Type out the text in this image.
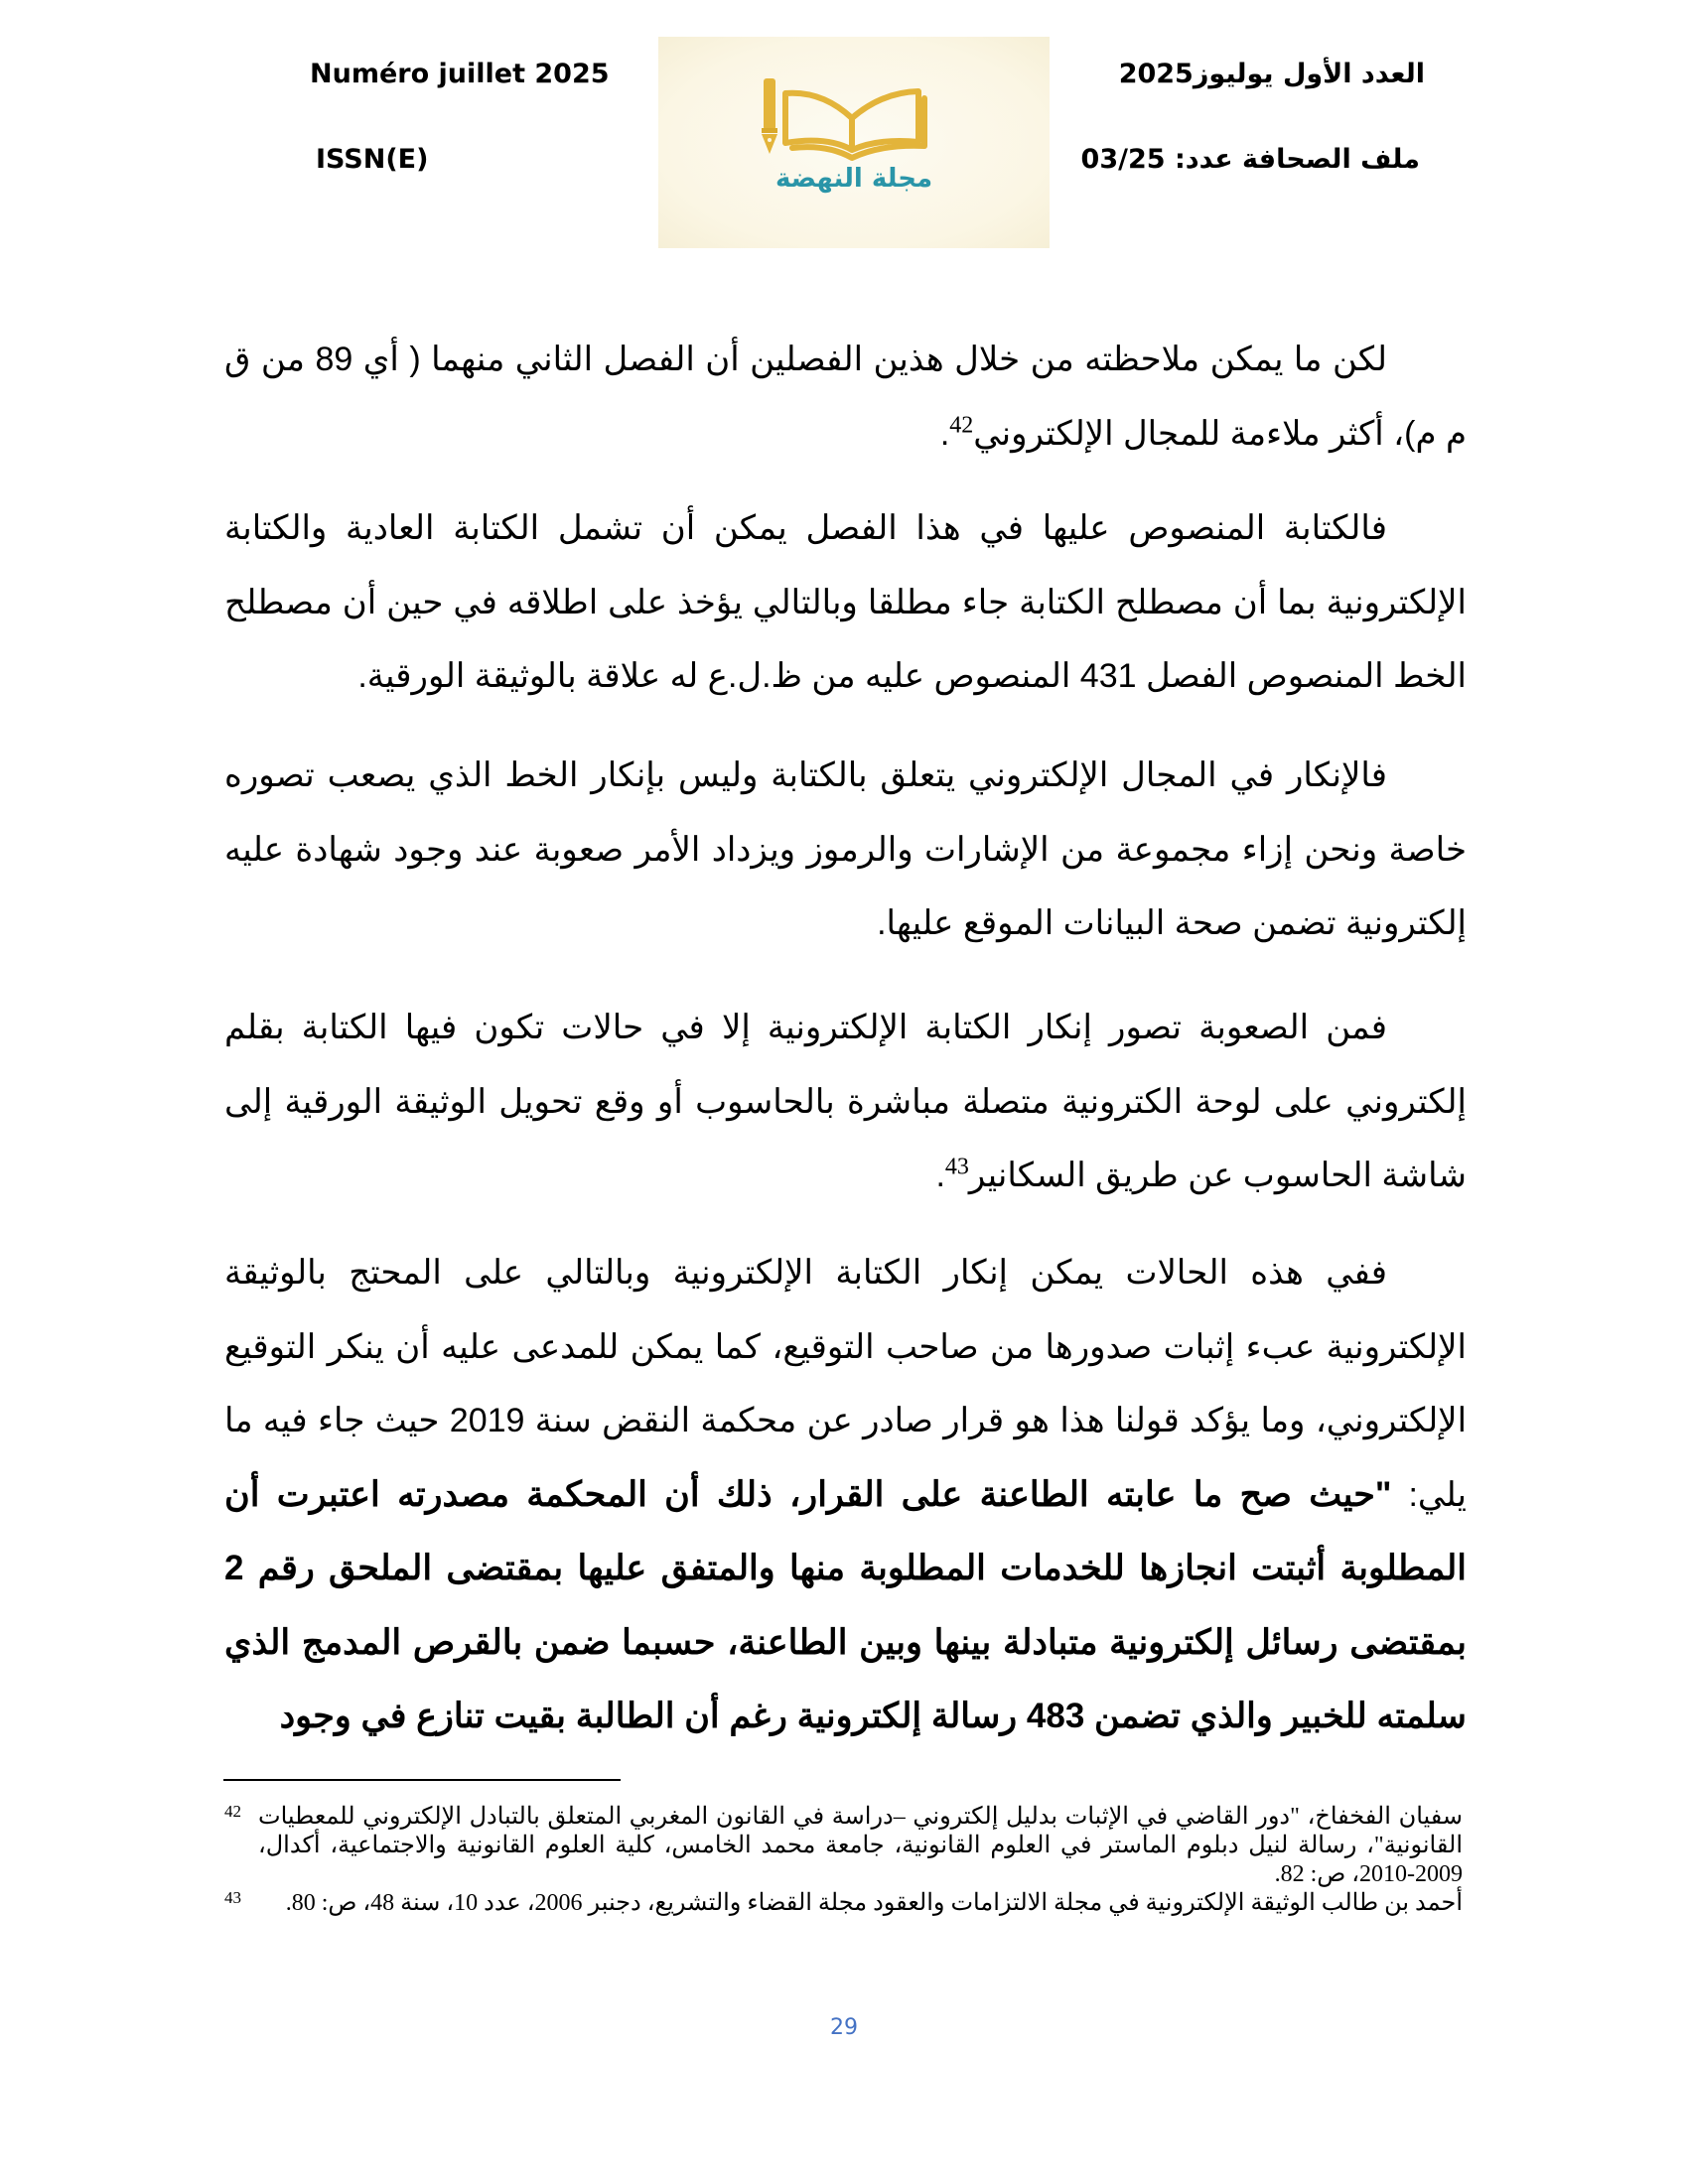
Numéro juillet 2025
ISSN(E)
العدد الأول يوليوز2025
ملف الصحافة عدد: 03/25
مجلة النهضة

لكن ما يمكن ملاحظته من خلال هذين الفصلين أن الفصل الثاني منهما ( أي 89 من ق م م)، أكثر ملاءمة للمجال الإلكتروني$^{42}$.

فالكتابة المنصوص عليها في هذا الفصل يمكن أن تشمل الكتابة العادية والكتابة الإلكترونية بما أن مصطلح الكتابة جاء مطلقا وبالتالي يؤخذ على اطلاقه في حين أن مصطلح الخط المنصوص الفصل 431 المنصوص عليه من ظ.ل.ع له علاقة بالوثيقة الورقية.

فالإنكار في المجال الإلكتروني يتعلق بالكتابة وليس بإنكار الخط الذي يصعب تصوره خاصة ونحن إزاء مجموعة من الإشارات والرموز ويزداد الأمر صعوبة عند وجود شهادة عليه إلكترونية تضمن صحة البيانات الموقع عليها.

فمن الصعوبة تصور إنكار الكتابة الإلكترونية إلا في حالات تكون فيها الكتابة بقلم إلكتروني على لوحة الكترونية متصلة مباشرة بالحاسوب أو وقع تحويل الوثيقة الورقية إلى شاشة الحاسوب عن طريق السكانير$^{43}$.

ففي هذه الحالات يمكن إنكار الكتابة الإلكترونية وبالتالي على المحتج بالوثيقة الإلكترونية عبء إثبات صدورها من صاحب التوقيع، كما يمكن للمدعى عليه أن ينكر التوقيع الإلكتروني، وما يؤكد قولنا هذا هو قرار صادر عن محكمة النقض سنة 2019 حيث جاء فيه ما يلي: "حيث صح ما عابته الطاعنة على القرار، ذلك أن المحكمة مصدرته اعتبرت أن المطلوبة أثبتت انجازها للخدمات المطلوبة منها والمتفق عليها بمقتضى الملحق رقم 2 بمقتضى رسائل إلكترونية متبادلة بينها وبين الطاعنة، حسبما ضمن بالقرص المدمج الذي سلمته للخبير والذي تضمن 483 رسالة إلكترونية رغم أن الطالبة بقيت تنازع في وجود

42 سفيان الفخفاخ، "دور القاضي في الإثبات بدليل إلكتروني –دراسة في القانون المغربي المتعلق بالتبادل الإلكتروني للمعطيات القانونية"، رسالة لنيل دبلوم الماستر في العلوم القانونية، جامعة محمد الخامس، كلية العلوم القانونية والاجتماعية، أكدال، 2009-2010، ص: 82.
43	أحمد بن طالب الوثيقة الإلكترونية في مجلة الالتزامات والعقود مجلة القضاء والتشريع، دجنبر 2006، عدد 10، سنة 48، ص: 80.
29
